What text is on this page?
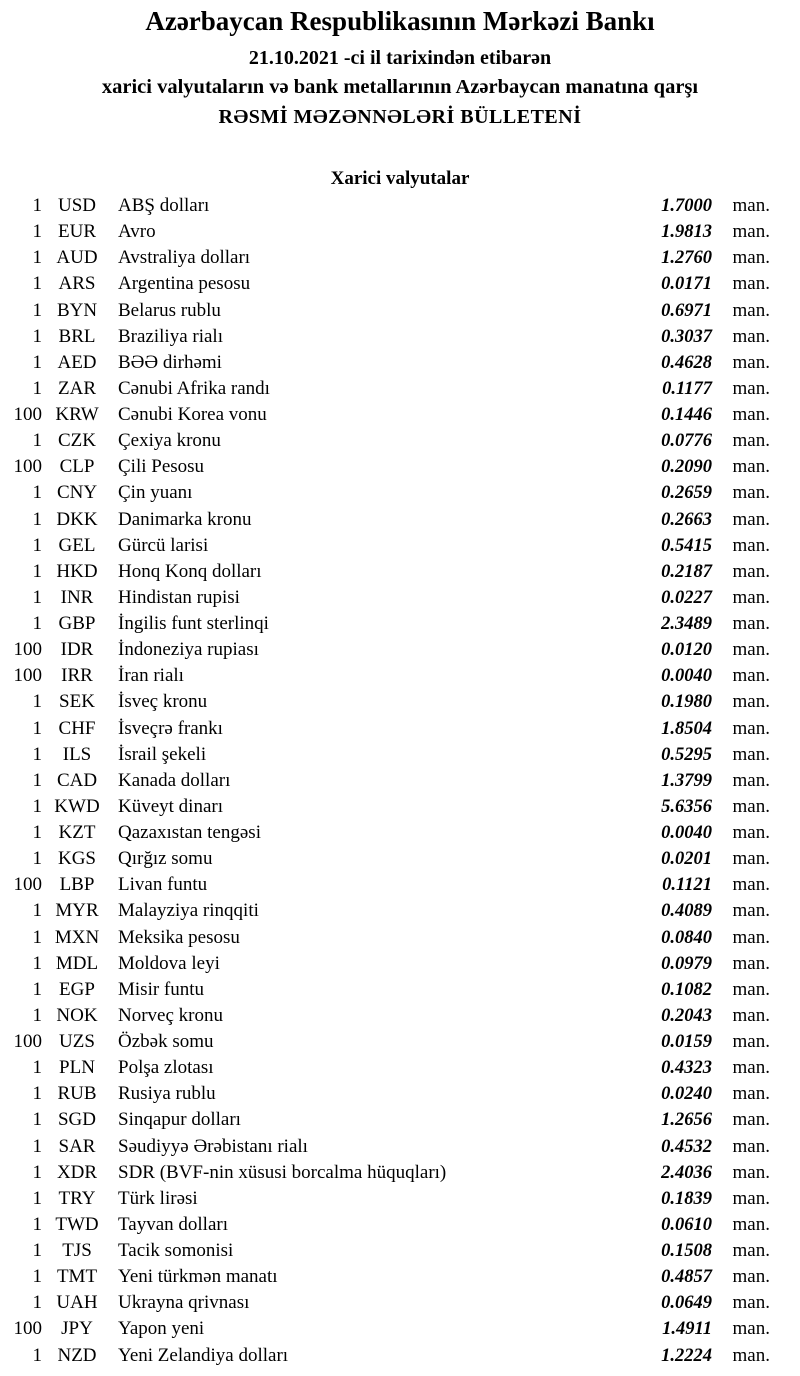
Azərbaycan Respublikasının Mərkəzi Bankı
21.10.2021 -ci il tarixindən etibarən
xarici valyutaların və bank metallarının Azərbaycan manatına qarşı
RƏSMİ MƏZƏNNƏLƏRİ BÜLLETENİ
Xarici valyutalar
1 USD	ABŞ dolları	1.7000	man.
1 EUR	Avro	1.9813	man.
1 AUD	Avstraliya dolları	1.2760	man.
1 ARS	Argentina pesosu	0.0171	man.
1 BYN	Belarus rublu	0.6971	man.
1 BRL	Braziliya rialı	0.3037	man.
1 AED	BƏƏ dirhəmi	0.4628	man.
1 ZAR	Cənubi Afrika randı	0.1177	man.
100 KRW	Cənubi Korea vonu	0.1446	man.
1 CZK	Çexiya kronu	0.0776	man.
100 CLP	Çili Pesosu	0.2090	man.
1 CNY	Çin yuanı	0.2659	man.
1 DKK	Danimarka kronu	0.2663	man.
1 GEL	Gürcü larisi	0.5415	man.
1 HKD	Honq Konq dolları	0.2187	man.
1 INR	Hindistan rupisi	0.0227	man.
1 GBP	İngilis funt sterlinqi	2.3489	man.
100 IDR	İndoneziya rupiası	0.0120	man.
100	IRR	İran rialı	0.0040	man.
1 SEK	İsveç kronu	0.1980	man.
1 CHF	İsveçrə frankı	1.8504	man.
1	ILS	İsrail şekeli	0.5295	man.
1 CAD	Kanada dolları	1.3799	man.
1 KWD Küveyt dinarı	5.6356	man.
1 KZT	Qazaxıstan tengəsi	0.0040	man.
1 KGS	Qırğız somu	0.0201	man.
100 LBP	Livan funtu	0.1121	man.
1 MYR	Malayziya rinqqiti	0.4089	man.
1 MXN Meksika pesosu	0.0840	man.
1 MDL	Moldova leyi	0.0979	man.
1 EGP	Misir funtu	0.1082	man.
1 NOK	Norveç kronu	0.2043	man.
100 UZS	Özbək somu	0.0159	man.
1 PLN	Polşa zlotası	0.4323	man.
1 RUB	Rusiya rublu	0.0240	man.
1 SGD	Sinqapur dolları	1.2656	man.
1 SAR	Səudiyyə Ərəbistanı rialı	0.4532	man.
1 XDR	SDR (BVF-nin xüsusi borcalma hüquqları)	2.4036	man.
1 TRY	Türk lirəsi	0.1839	man.
1 TWD	Tayvan dolları	0.0610	man.
1	TJS	Tacik somonisi	0.1508	man.
1 TMT	Yeni türkmən manatı	0.4857	man.
1 UAH	Ukrayna qrivnası	0.0649	man.
100	JPY	Yapon yeni	1.4911	man.
1 NZD	Yeni Zelandiya dolları	1.2224	man.
